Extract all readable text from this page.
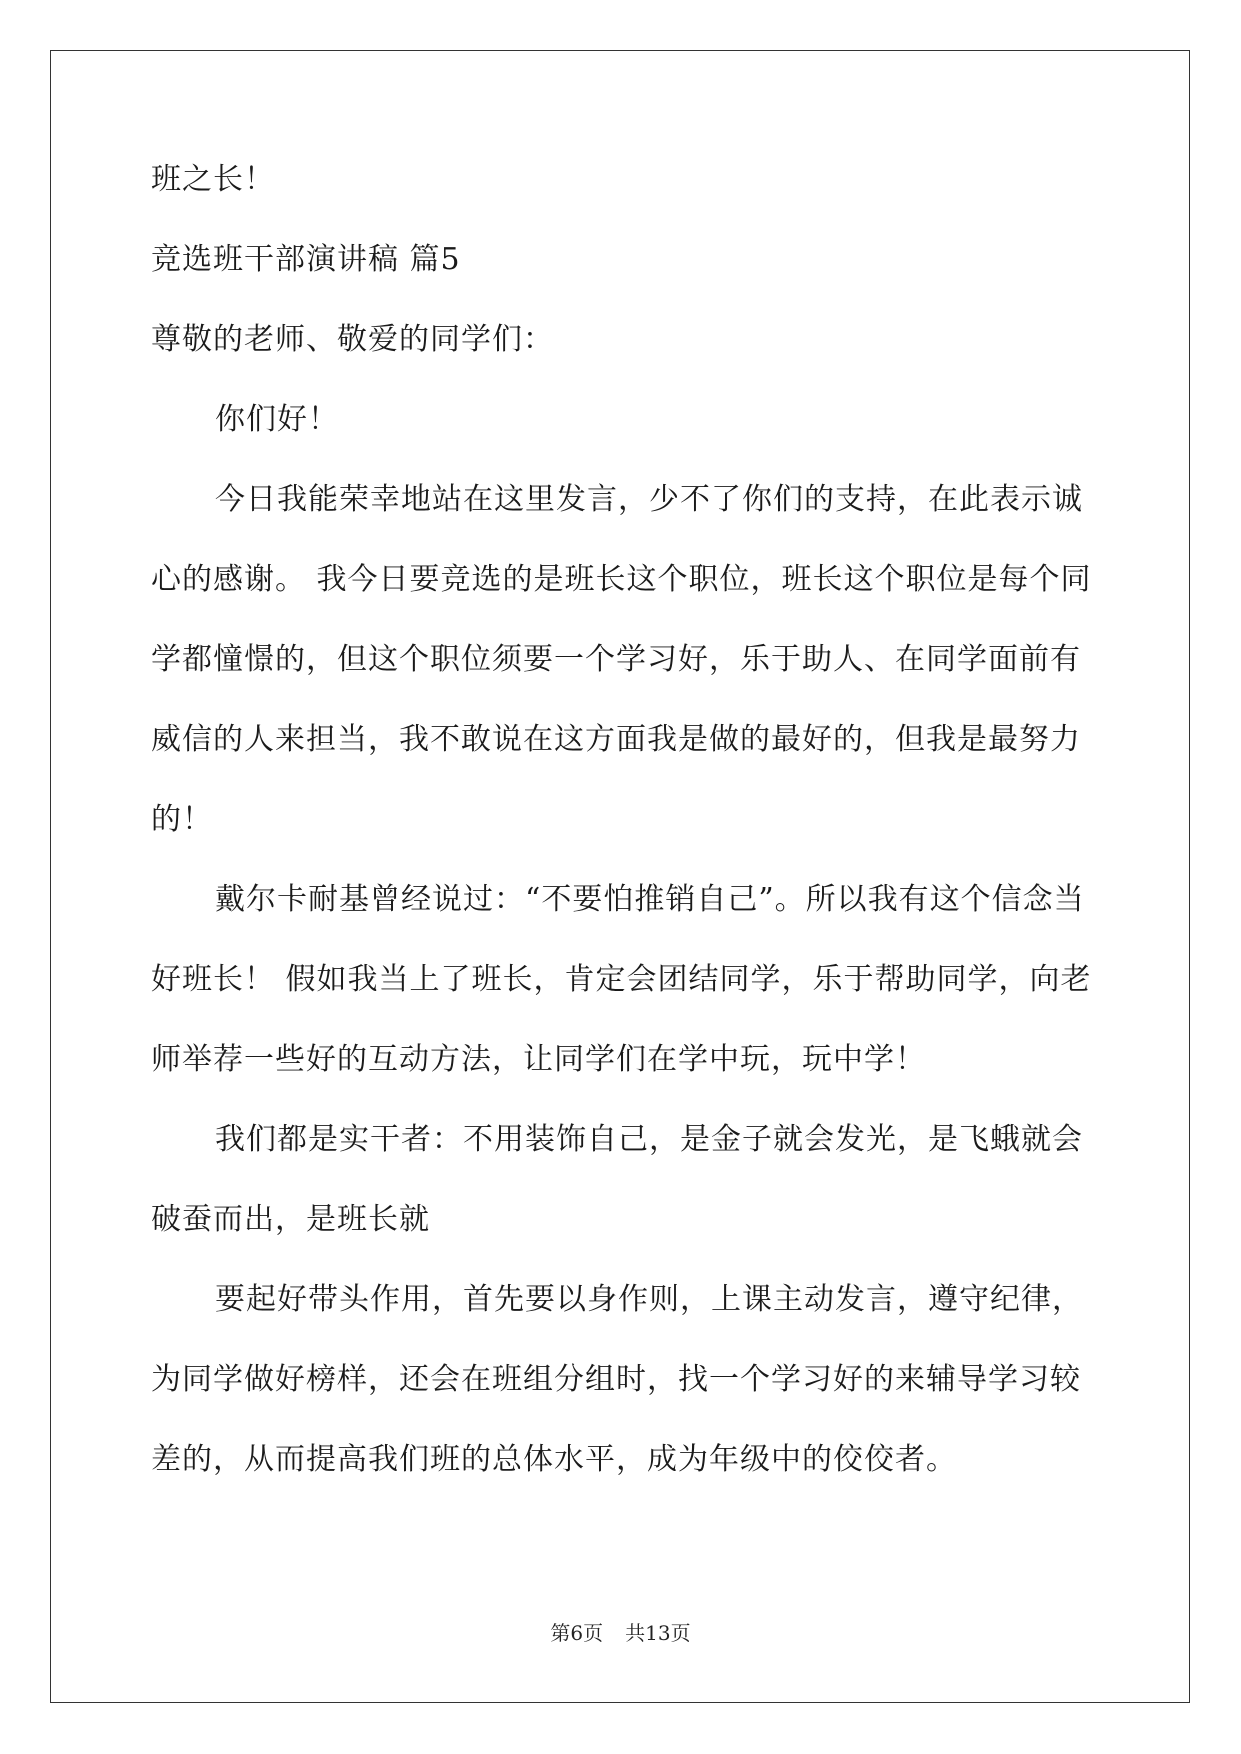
班之长！
竞选班干部演讲稿 篇5
尊敬的老师、敬爱的同学们：
你们好！
今日我能荣幸地站在这里发言，少不了你们的支持，在此表示诚
心的感谢。 我今日要竞选的是班长这个职位，班长这个职位是每个同
学都憧憬的，但这个职位须要一个学习好，乐于助人、在同学面前有
威信的人来担当，我不敢说在这方面我是做的最好的，但我是最努力
的！
戴尔卡耐基曾经说过：“不要怕推销自己”。所以我有这个信念当
好班长！ 假如我当上了班长，肯定会团结同学，乐于帮助同学，向老
师举荐一些好的互动方法，让同学们在学中玩，玩中学！
我们都是实干者：不用装饰自己，是金子就会发光，是飞蛾就会
破蚕而出，是班长就
要起好带头作用，首先要以身作则，上课主动发言，遵守纪律，
为同学做好榜样，还会在班组分组时，找一个学习好的来辅导学习较
差的，从而提高我们班的总体水平，成为年级中的佼佼者。
第6页 共13页
